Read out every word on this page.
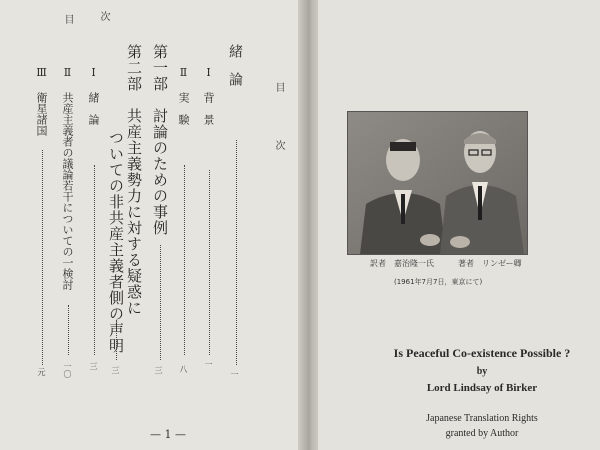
目	次
緒　論
一
Ⅰ 背　景
一
Ⅱ 実　験
八
第一部　討論のための事例
三
第二部　共産主義勢力に対する疑惑に
ついての非共産主義者側の声明
三
Ⅰ 緒　論
三
Ⅱ 共産主義者の議論若干についての一検討
一〇
Ⅲ 衛星諸国
元
— 1 —
目
次
訳者　嘉治隆一氏	著者　リンゼー卿
(1961年7月7日，東京にて)
Is Peaceful Co-existence Possible ?
by
Lord Lindsay of Birker
Japanese Translation Rights
granted by Author
